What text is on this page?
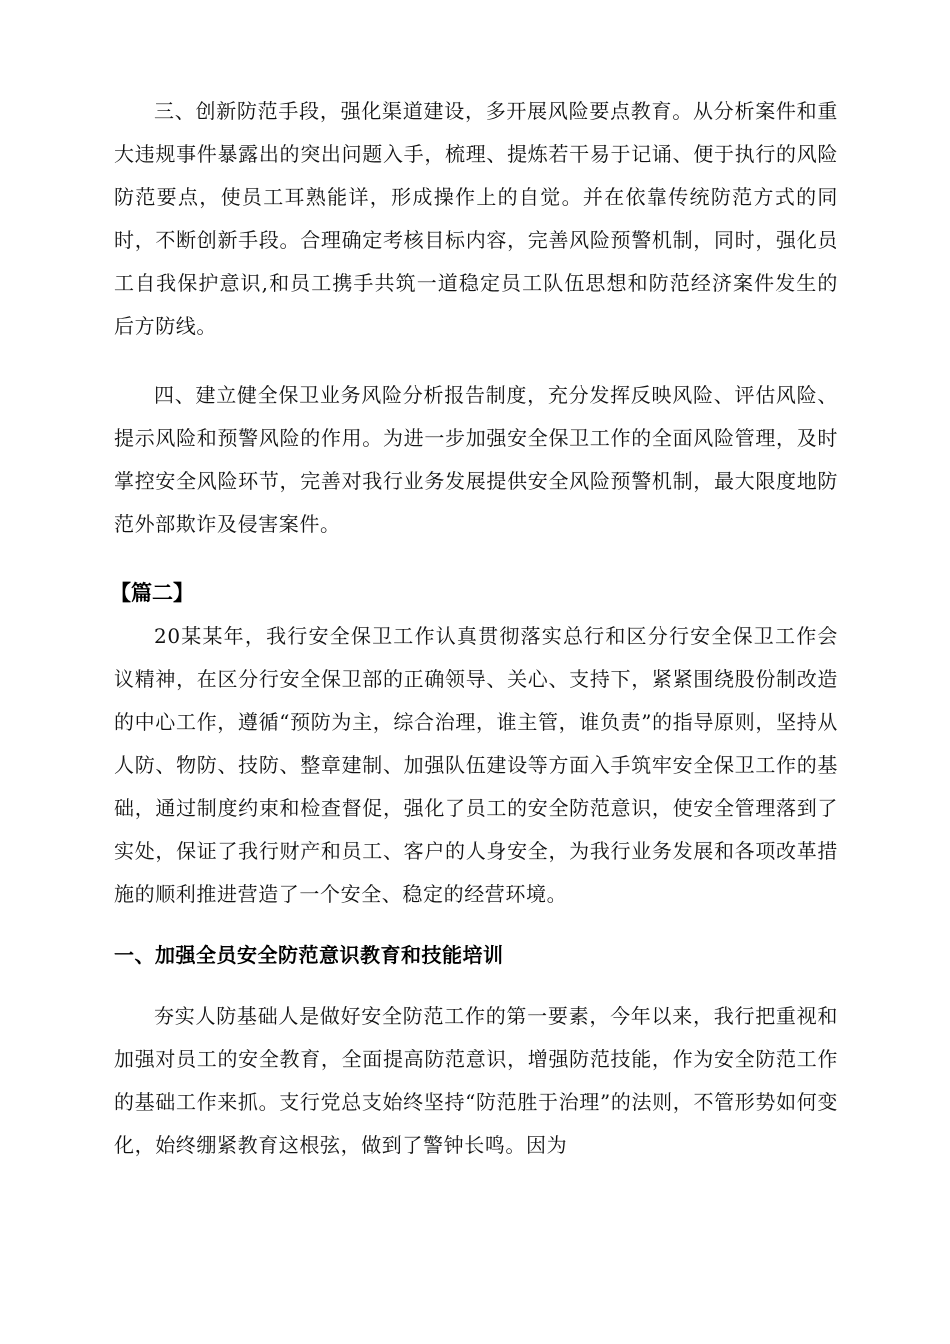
三、创新防范手段，强化渠道建设，多开展风险要点教育。从分析案件和重大违规事件暴露出的突出问题入手，梳理、提炼若干易于记诵、便于执行的风险防范要点，使员工耳熟能详，形成操作上的自觉。并在依靠传统防范方式的同时，不断创新手段。合理确定考核目标内容，完善风险预警机制，同时，强化员工自我保护意识,和员工携手共筑一道稳定员工队伍思想和防范经济案件发生的后方防线。

四、建立健全保卫业务风险分析报告制度，充分发挥反映风险、评估风险、提示风险和预警风险的作用。为进一步加强安全保卫工作的全面风险管理，及时掌控安全风险环节，完善对我行业务发展提供安全风险预警机制，最大限度地防范外部欺诈及侵害案件。

【篇二】

20某某年，我行安全保卫工作认真贯彻落实总行和区分行安全保卫工作会议精神，在区分行安全保卫部的正确领导、关心、支持下，紧紧围绕股份制改造的中心工作，遵循“预防为主，综合治理，谁主管，谁负责”的指导原则，坚持从人防、物防、技防、整章建制、加强队伍建设等方面入手筑牢安全保卫工作的基础，通过制度约束和检查督促，强化了员工的安全防范意识，使安全管理落到了实处，保证了我行财产和员工、客户的人身安全，为我行业务发展和各项改革措施的顺利推进营造了一个安全、稳定的经营环境。

一、加强全员安全防范意识教育和技能培训

夯实人防基础人是做好安全防范工作的第一要素，今年以来，我行把重视和加强对员工的安全教育，全面提高防范意识，增强防范技能，作为安全防范工作的基础工作来抓。支行党总支始终坚持“防范胜于治理”的法则，不管形势如何变化，始终绷紧教育这根弦，做到了警钟长鸣。因为
